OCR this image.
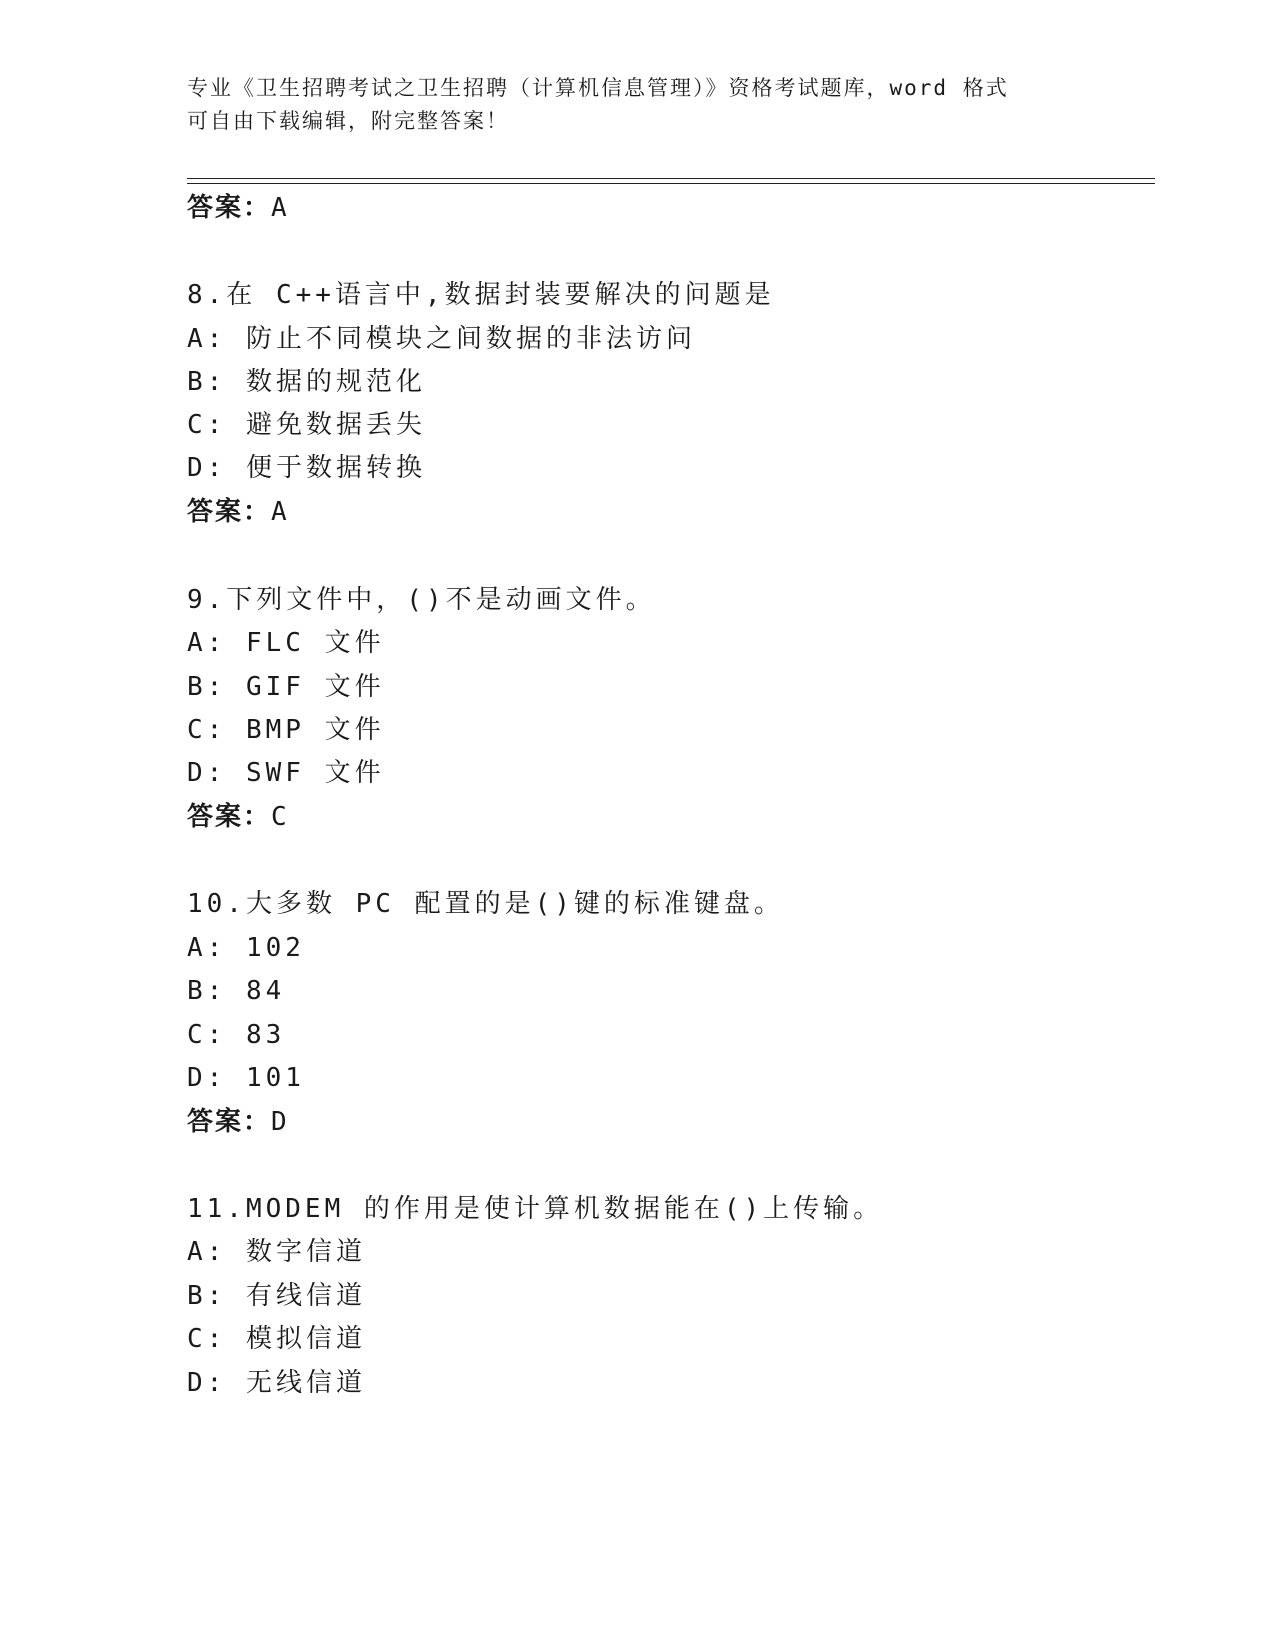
专业《卫生招聘考试之卫生招聘（计算机信息管理）》资格考试题库，word 格式
可自由下载编辑，附完整答案！
答案：A
8.在 C++语言中,数据封装要解决的问题是
A: 防止不同模块之间数据的非法访问
B: 数据的规范化
C: 避免数据丢失
D: 便于数据转换
答案：A
9.下列文件中，()不是动画文件。
A: FLC 文件
B: GIF 文件
C: BMP 文件
D: SWF 文件
答案：C
10.大多数 PC 配置的是()键的标准键盘。
A: 102
B: 84
C: 83
D: 101
答案：D
11.MODEM 的作用是使计算机数据能在()上传输。
A: 数字信道
B: 有线信道
C: 模拟信道
D: 无线信道
